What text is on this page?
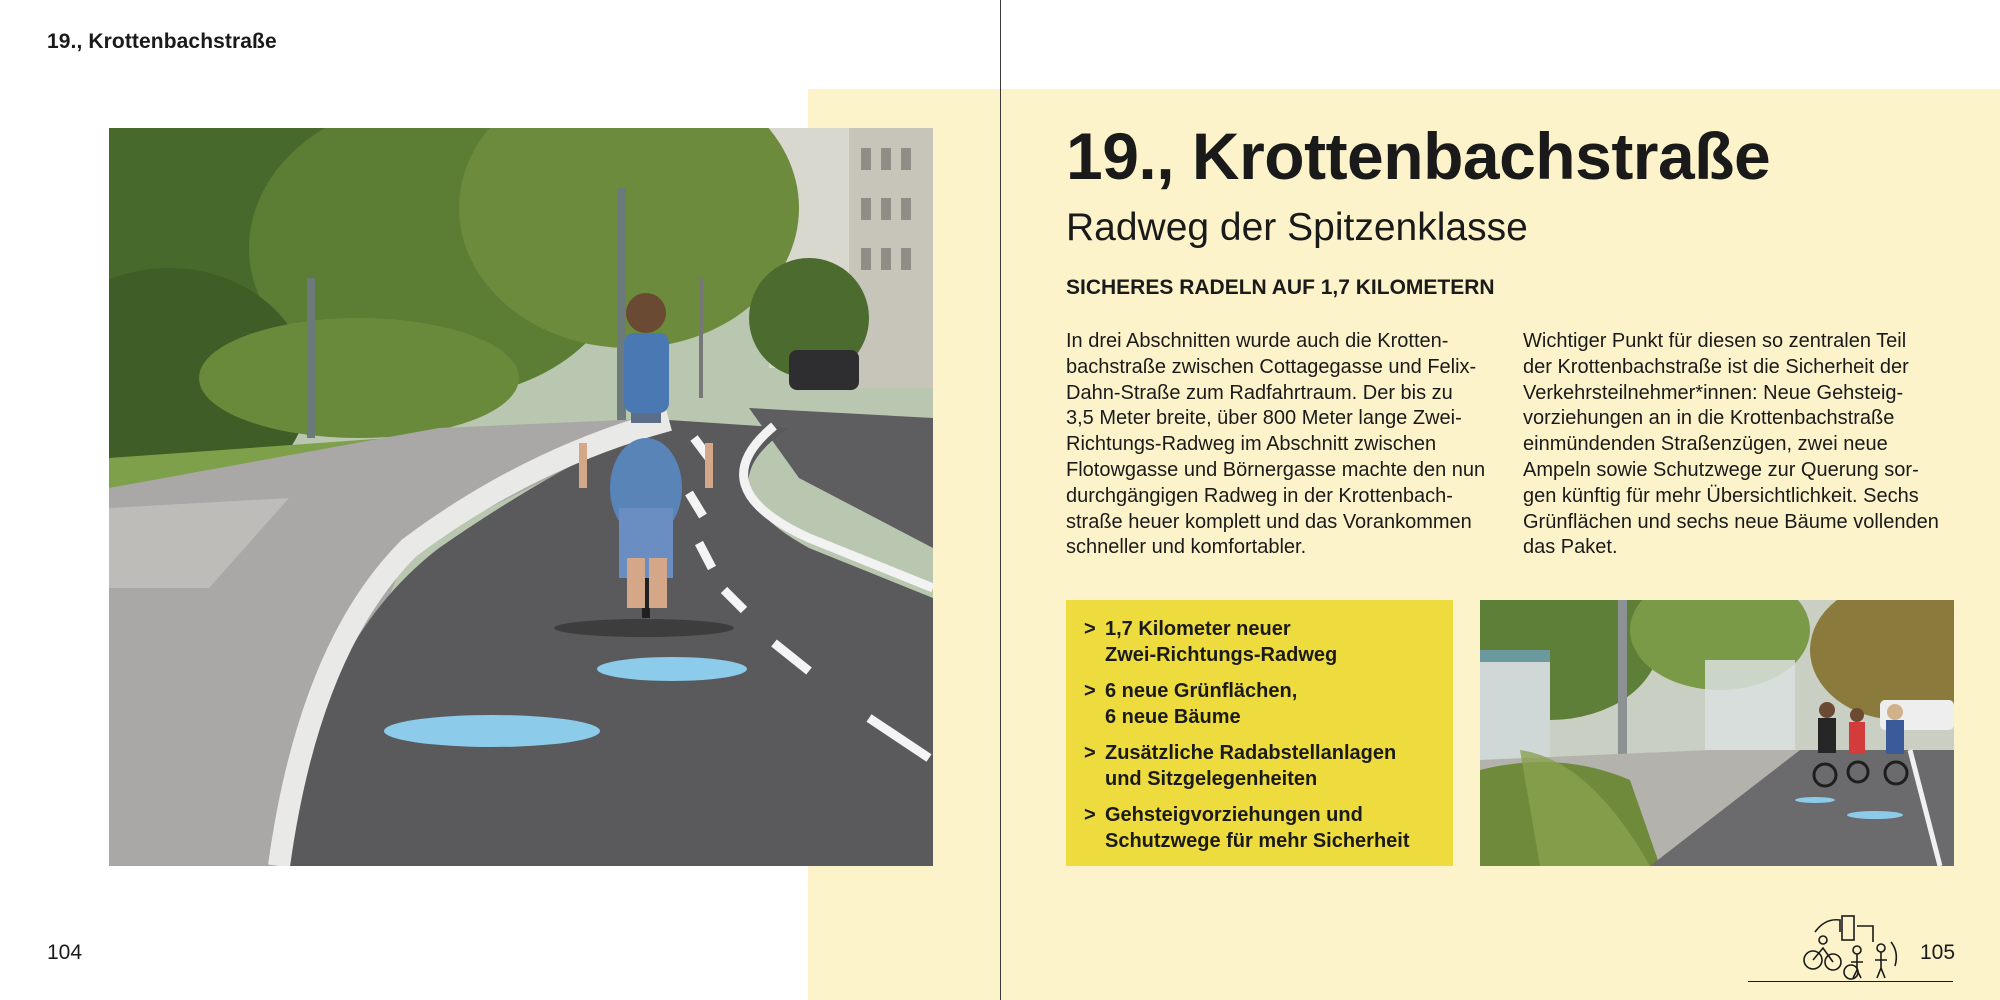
19., Krottenbachstraße
19., Krottenbachstraße
Radweg der Spitzenklasse
SICHERES RADELN AUF 1,7 KILOMETERN
In drei Abschnitten wurde auch die Krotten-
bachstraße zwischen Cottagegasse und Felix-
Dahn-Straße zum Radfahrtraum. Der bis zu
3,5 Meter breite, über 800 Meter lange Zwei-
Richtungs-Radweg im Abschnitt zwischen
Flotowgasse und Börnergasse machte den nun
durchgängigen Radweg in der Krottenbach-
straße heuer komplett und das Vorankommen
schneller und komfortabler.
Wichtiger Punkt für diesen so zentralen Teil
der Krottenbachstraße ist die Sicherheit der
Verkehrsteilnehmer*innen: Neue Gehsteig-
vorziehungen an in die Krottenbachstraße
einmündenden Straßenzügen, zwei neue
Ampeln sowie Schutzwege zur Querung sor-
gen künftig für mehr Übersichtlichkeit. Sechs
Grünflächen und sechs neue Bäume vollenden
das Paket.
> 1,7 Kilometer neuer
Zwei-Richtungs-Radweg
> 6 neue Grünflächen,
6 neue Bäume
> Zusätzliche Radabstellanlagen
und Sitzgelegenheiten
> Gehsteigvorziehungen und
Schutzwege für mehr Sicherheit
104	105
